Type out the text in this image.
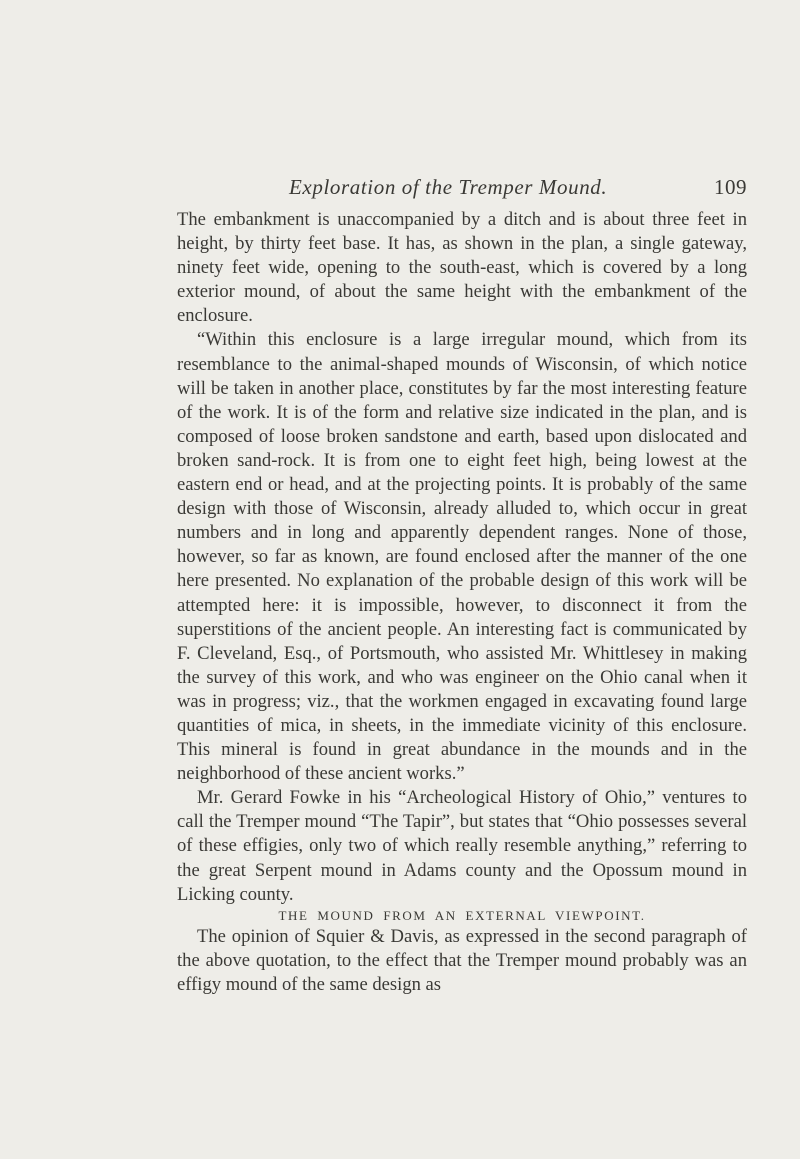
Exploration of the Tremper Mound.	109

The embankment is unaccompanied by a ditch and is about three feet in height, by thirty feet base. It has, as shown in the plan, a single gateway, ninety feet wide, opening to the south-east, which is covered by a long exterior mound, of about the same height with the embankment of the enclosure.

“Within this enclosure is a large irregular mound, which from its resemblance to the animal-shaped mounds of Wisconsin, of which notice will be taken in another place, constitutes by far the most interesting feature of the work. It is of the form and relative size indicated in the plan, and is composed of loose broken sandstone and earth, based upon dislocated and broken sand-rock. It is from one to eight feet high, being lowest at the eastern end or head, and at the projecting points. It is probably of the same design with those of Wisconsin, already alluded to, which occur in great numbers and in long and apparently dependent ranges. None of those, however, so far as known, are found enclosed after the manner of the one here presented. No explanation of the probable design of this work will be attempted here: it is impossible, however, to disconnect it from the superstitions of the ancient people. An interesting fact is communicated by F. Cleveland, Esq., of Portsmouth, who assisted Mr. Whittlesey in making the survey of this work, and who was engineer on the Ohio canal when it was in progress; viz., that the workmen engaged in excavating found large quantities of mica, in sheets, in the immediate vicinity of this enclosure. This mineral is found in great abundance in the mounds and in the neighborhood of these ancient works.”

Mr. Gerard Fowke in his “Archeological History of Ohio,” ventures to call the Tremper mound “The Tapir”, but states that “Ohio possesses several of these effigies, only two of which really resemble anything,” referring to the great Serpent mound in Adams county and the Opossum mound in Licking county.

THE MOUND FROM AN EXTERNAL VIEWPOINT.

The opinion of Squier & Davis, as expressed in the second paragraph of the above quotation, to the effect that the Tremper mound probably was an effigy mound of the same design as
